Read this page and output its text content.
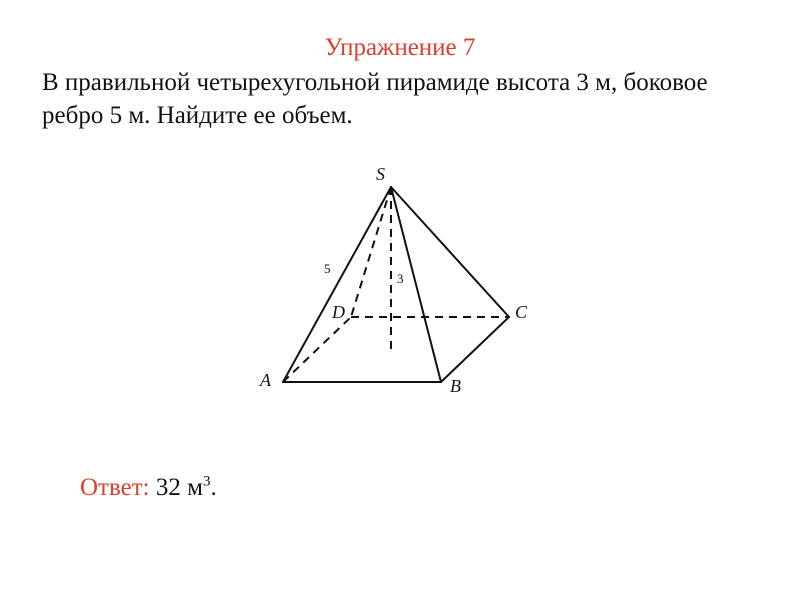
Упражнение 7
В правильной четырехугольной пирамиде высота 3 м, боковое
ребро 5 м. Найдите ее объем.
S
A	B
C
D
5
3
Ответ: 32 $м^3$.
